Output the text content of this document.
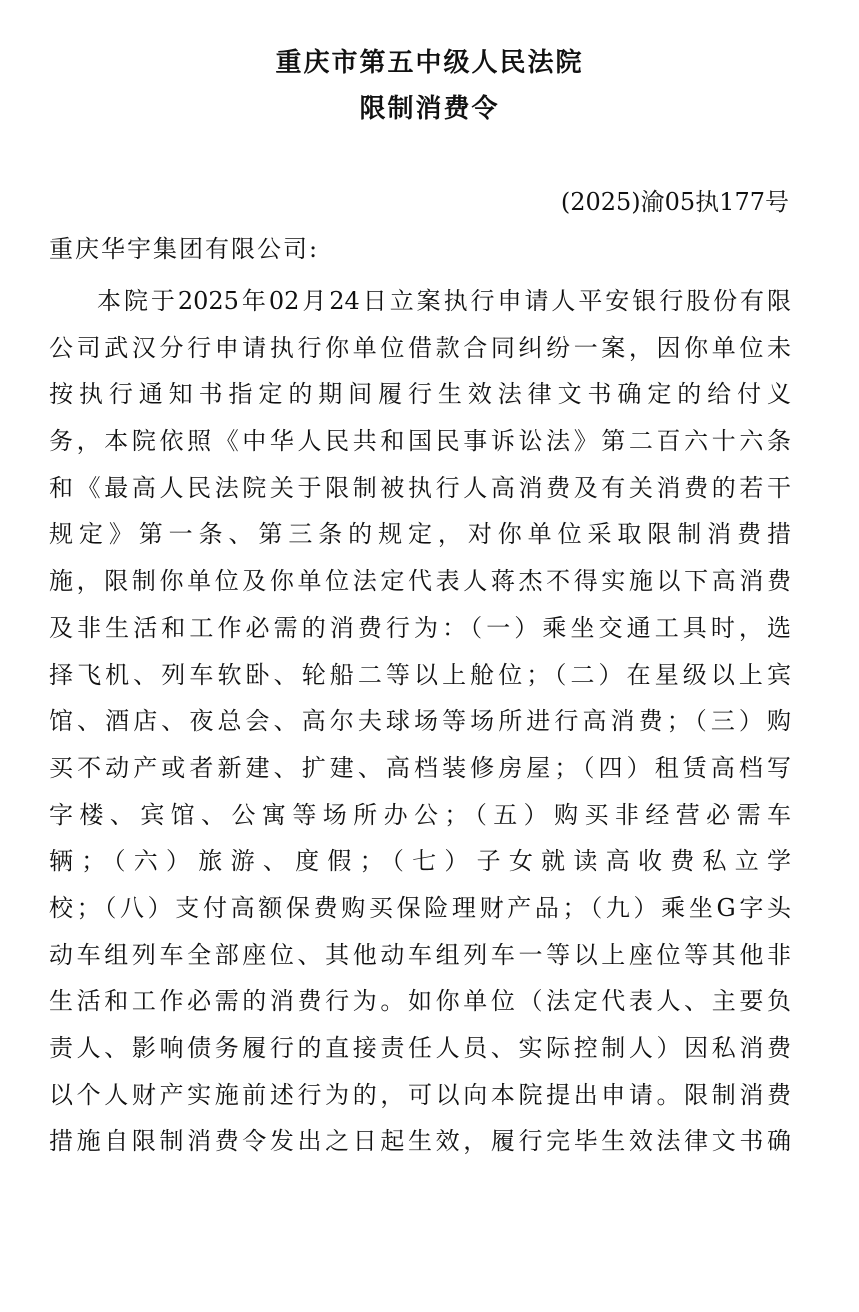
重庆市第五中级人民法院
限制消费令
(2025)渝05执177号
重庆华宇集团有限公司:
本院于2025年02月24日立案执行申请人平安银行股份有限
公司武汉分行申请执行你单位借款合同纠纷一案，因你单位未
按执行通知书指定的期间履行生效法律文书确定的给付义
务，本院依照《中华人民共和国民事诉讼法》第二百六十六条
和《最高人民法院关于限制被执行人高消费及有关消费的若干
规定》第一条、第三条的规定，对你单位采取限制消费措
施，限制你单位及你单位法定代表人蒋杰不得实施以下高消费
及非生活和工作必需的消费行为：（一）乘坐交通工具时，选
择飞机、列车软卧、轮船二等以上舱位；（二）在星级以上宾
馆、酒店、夜总会、高尔夫球场等场所进行高消费；（三）购
买不动产或者新建、扩建、高档装修房屋；（四）租赁高档写
字楼、宾馆、公寓等场所办公；（五）购买非经营必需车
辆；（六）旅游、度假；（七）子女就读高收费私立学
校；（八）支付高额保费购买保险理财产品；（九）乘坐G字头
动车组列车全部座位、其他动车组列车一等以上座位等其他非
生活和工作必需的消费行为。如你单位（法定代表人、主要负
责人、影响债务履行的直接责任人员、实际控制人）因私消费
以个人财产实施前述行为的，可以向本院提出申请。限制消费
措施自限制消费令发出之日起生效，履行完毕生效法律文书确
